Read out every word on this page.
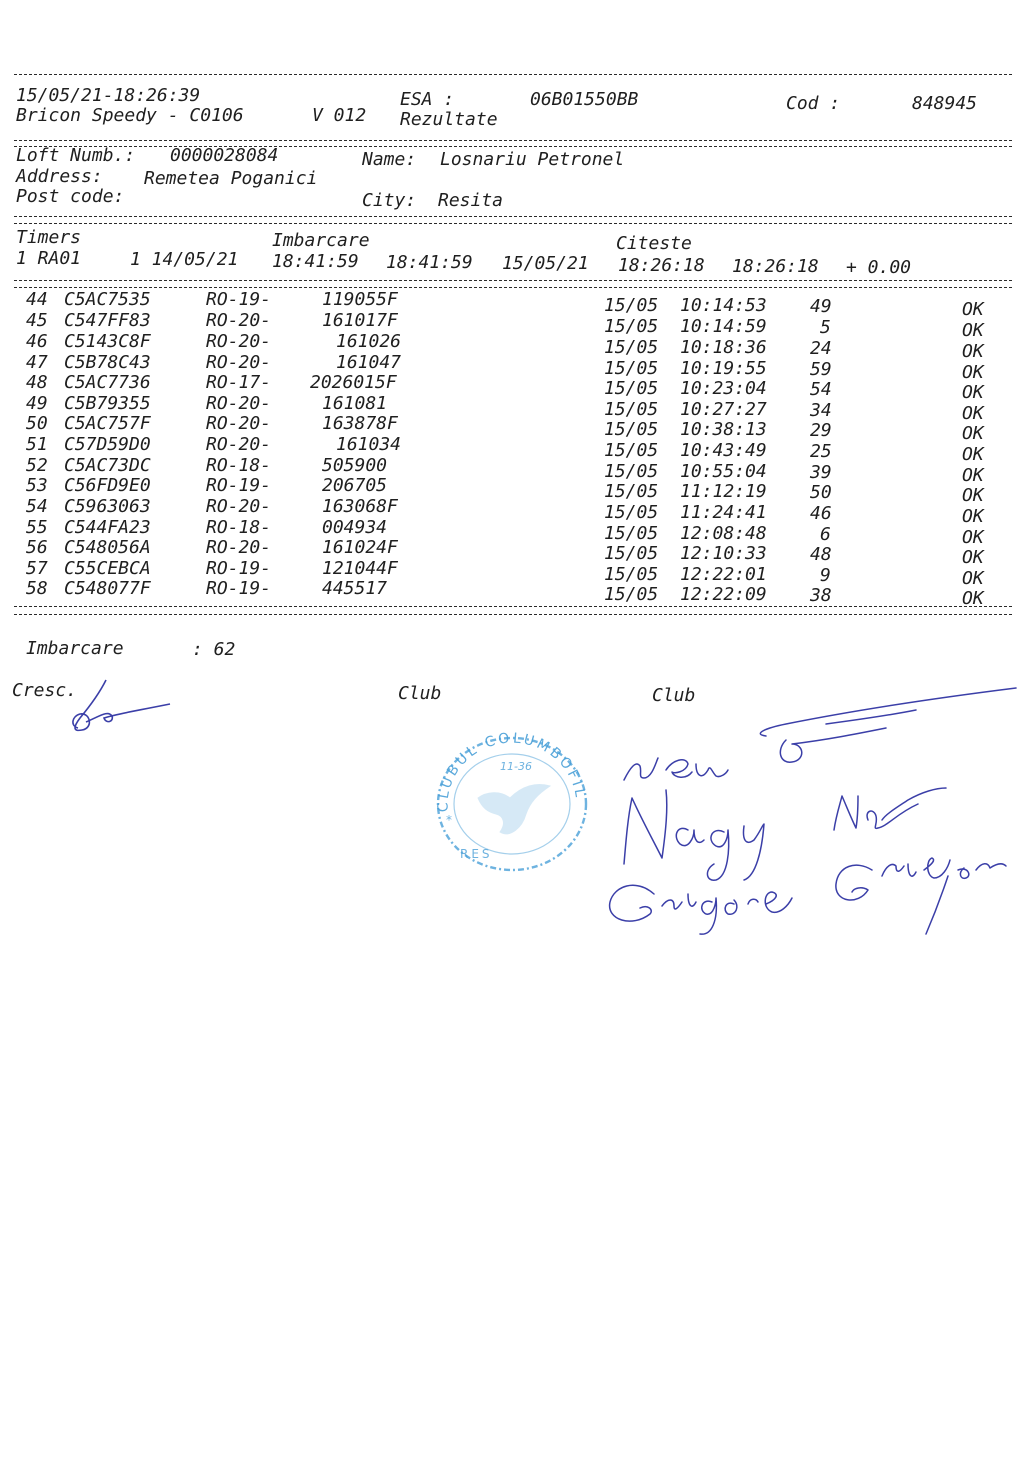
15/05/21-18:26:39
Bricon Speedy - C0106	V 012
ESA :	06B01550BB
Rezultate
Cod :	848945
Loft Numb.: 0000028084	Name: Losnariu Petronel
Address: Remetea Poganici
Post code:	City: Resita
Timers	Imbarcare	Citeste
1 RA01	1 14/05/21 18:41:59 18:41:59 15/05/21 18:26:18 18:26:18 + 0.00
44 C5AC7535	RO-19-	119055F	15/05 10:14:53 49	OK
45 C547FF83	RO-20-	161017F	15/05 10:14:59	5	OK
46 C5143C8F	RO-20-	161026	15/05 10:18:36 24	OK
47 C5B78C43	RO-20-	161047	15/05 10:19:55 59	OK
48 C5AC7736	RO-17- 2026015F	15/05 10:23:04 54	OK
49 C5B79355	RO-20-	161081	15/05 10:27:27 34	OK
50 C5AC757F	RO-20-	163878F	15/05 10:38:13 29	OK
51 C57D59D0	RO-20-	161034	15/05 10:43:49 25	OK
52 C5AC73DC	RO-18-	505900	15/05 10:55:04 39	OK
53 C56FD9E0	RO-19-	206705	15/05 11:12:19 50	OK
54 C5963063	RO-20-	163068F	15/05 11:24:41 46	OK
55 C544FA23	RO-18-	004934	15/05 12:08:48	6	OK
56 C548056A	RO-20-	161024F	15/05 12:10:33 48	OK
57 C55CEBCA	RO-19-	121044F	15/05 12:22:01	9	OK
58 C548077F	RO-19-	445517	15/05 12:22:09 38	OK
Imbarcare	: 62
Cresc.	Club	Club
CLUBUL COLUMBOFIL
11-36
*
RES
